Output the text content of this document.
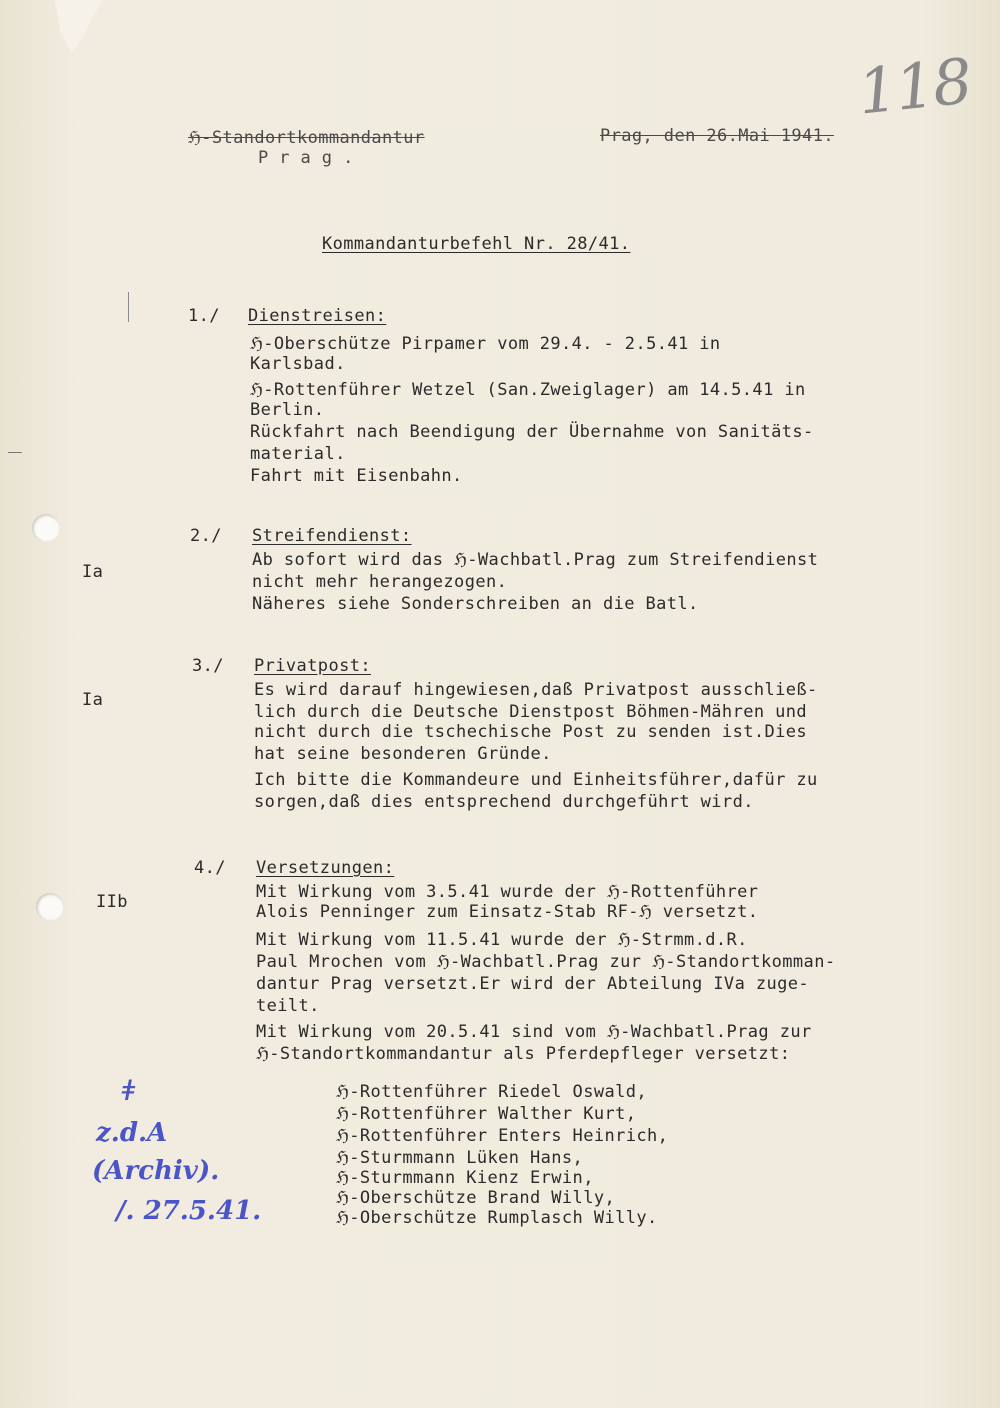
ℌ-Standortkommandantur
P r a g .
Prag, den 26.Mai 1941.
118
Kommandanturbefehl Nr. 28/41.
1./ Dienstreisen:
ℌ-Oberschütze Pirpamer vom 29.4. - 2.5.41 in
Karlsbad.
ℌ-Rottenführer Wetzel (San.Zweiglager) am 14.5.41 in
Berlin.
Rückfahrt nach Beendigung der Übernahme von Sanitäts-
material.
Fahrt mit Eisenbahn.
Ia
2./ Streifendienst:
Ab sofort wird das ℌ-Wachbatl.Prag zum Streifendienst
nicht mehr herangezogen.
Näheres siehe Sonderschreiben an die Batl.
Ia
3./ Privatpost:
Es wird darauf hingewiesen,daß Privatpost ausschließ-
lich durch die Deutsche Dienstpost Böhmen-Mähren und
nicht durch die tschechische Post zu senden ist.Dies
hat seine besonderen Gründe.
Ich bitte die Kommandeure und Einheitsführer,dafür zu
sorgen,daß dies entsprechend durchgeführt wird.
IIb
4./ Versetzungen:
Mit Wirkung vom 3.5.41 wurde der ℌ-Rottenführer
Alois Penninger zum Einsatz-Stab RF-ℌ versetzt.
Mit Wirkung vom 11.5.41 wurde der ℌ-Strmm.d.R.
Paul Mrochen vom ℌ-Wachbatl.Prag zur ℌ-Standortkomman-
dantur Prag versetzt.Er wird der Abteilung IVa zuge-
teilt.
Mit Wirkung vom 20.5.41 sind vom ℌ-Wachbatl.Prag zur
ℌ-Standortkommandantur als Pferdepfleger versetzt:
ℌ-Rottenführer Riedel Oswald,
ℌ-Rottenführer Walther Kurt,
ℌ-Rottenführer Enters Heinrich,
ℌ-Sturmmann Lüken Hans,
ℌ-Sturmmann Kienz Erwin,
ℌ-Oberschütze Brand Willy,
ℌ-Oberschütze Rumplasch Willy.
ǂ
z.d.A
(Archiv).
/. 27.5.41.
